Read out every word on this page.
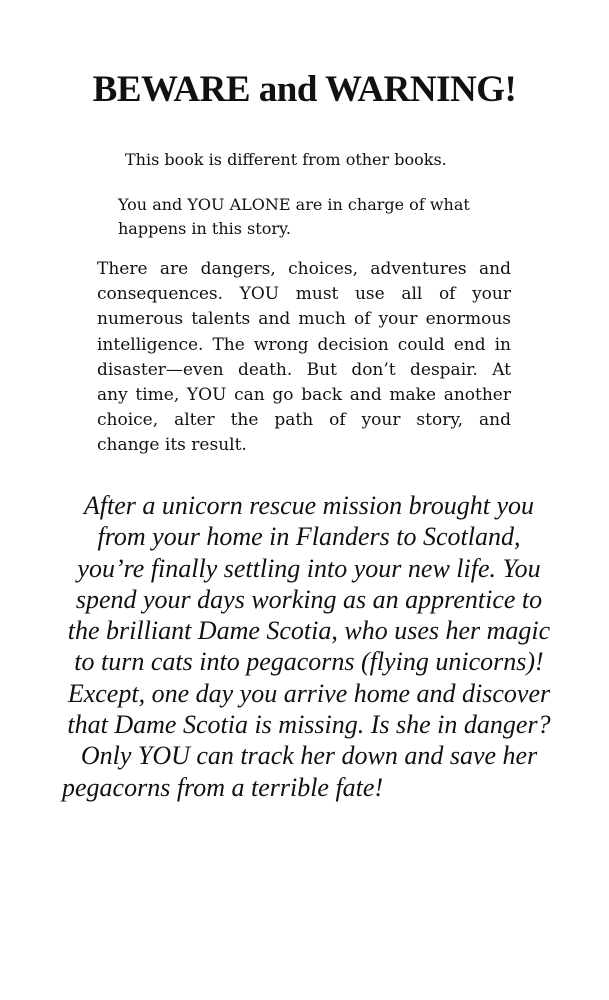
BEWARE and WARNING!

This book is different from other books.

You and YOU ALONE are in charge of what happens in this story.

There are dangers, choices, adventures and
consequences. YOU must use all of your
numerous talents and much of your enormous
intelligence. The wrong decision could end in
disaster—even death. But don’t despair. At
any time, YOU can go back and make another
choice, alter the path of your story, and
change its result.
After a unicorn rescue mission brought you
from your home in Flanders to Scotland,
you’re finally settling into your new life. You
spend your days working as an apprentice to
the brilliant Dame Scotia, who uses her magic
to turn cats into pegacorns (flying unicorns)!
Except, one day you arrive home and discover
that Dame Scotia is missing. Is she in danger?
Only YOU can track her down and save her
pegacorns from a terrible fate!
